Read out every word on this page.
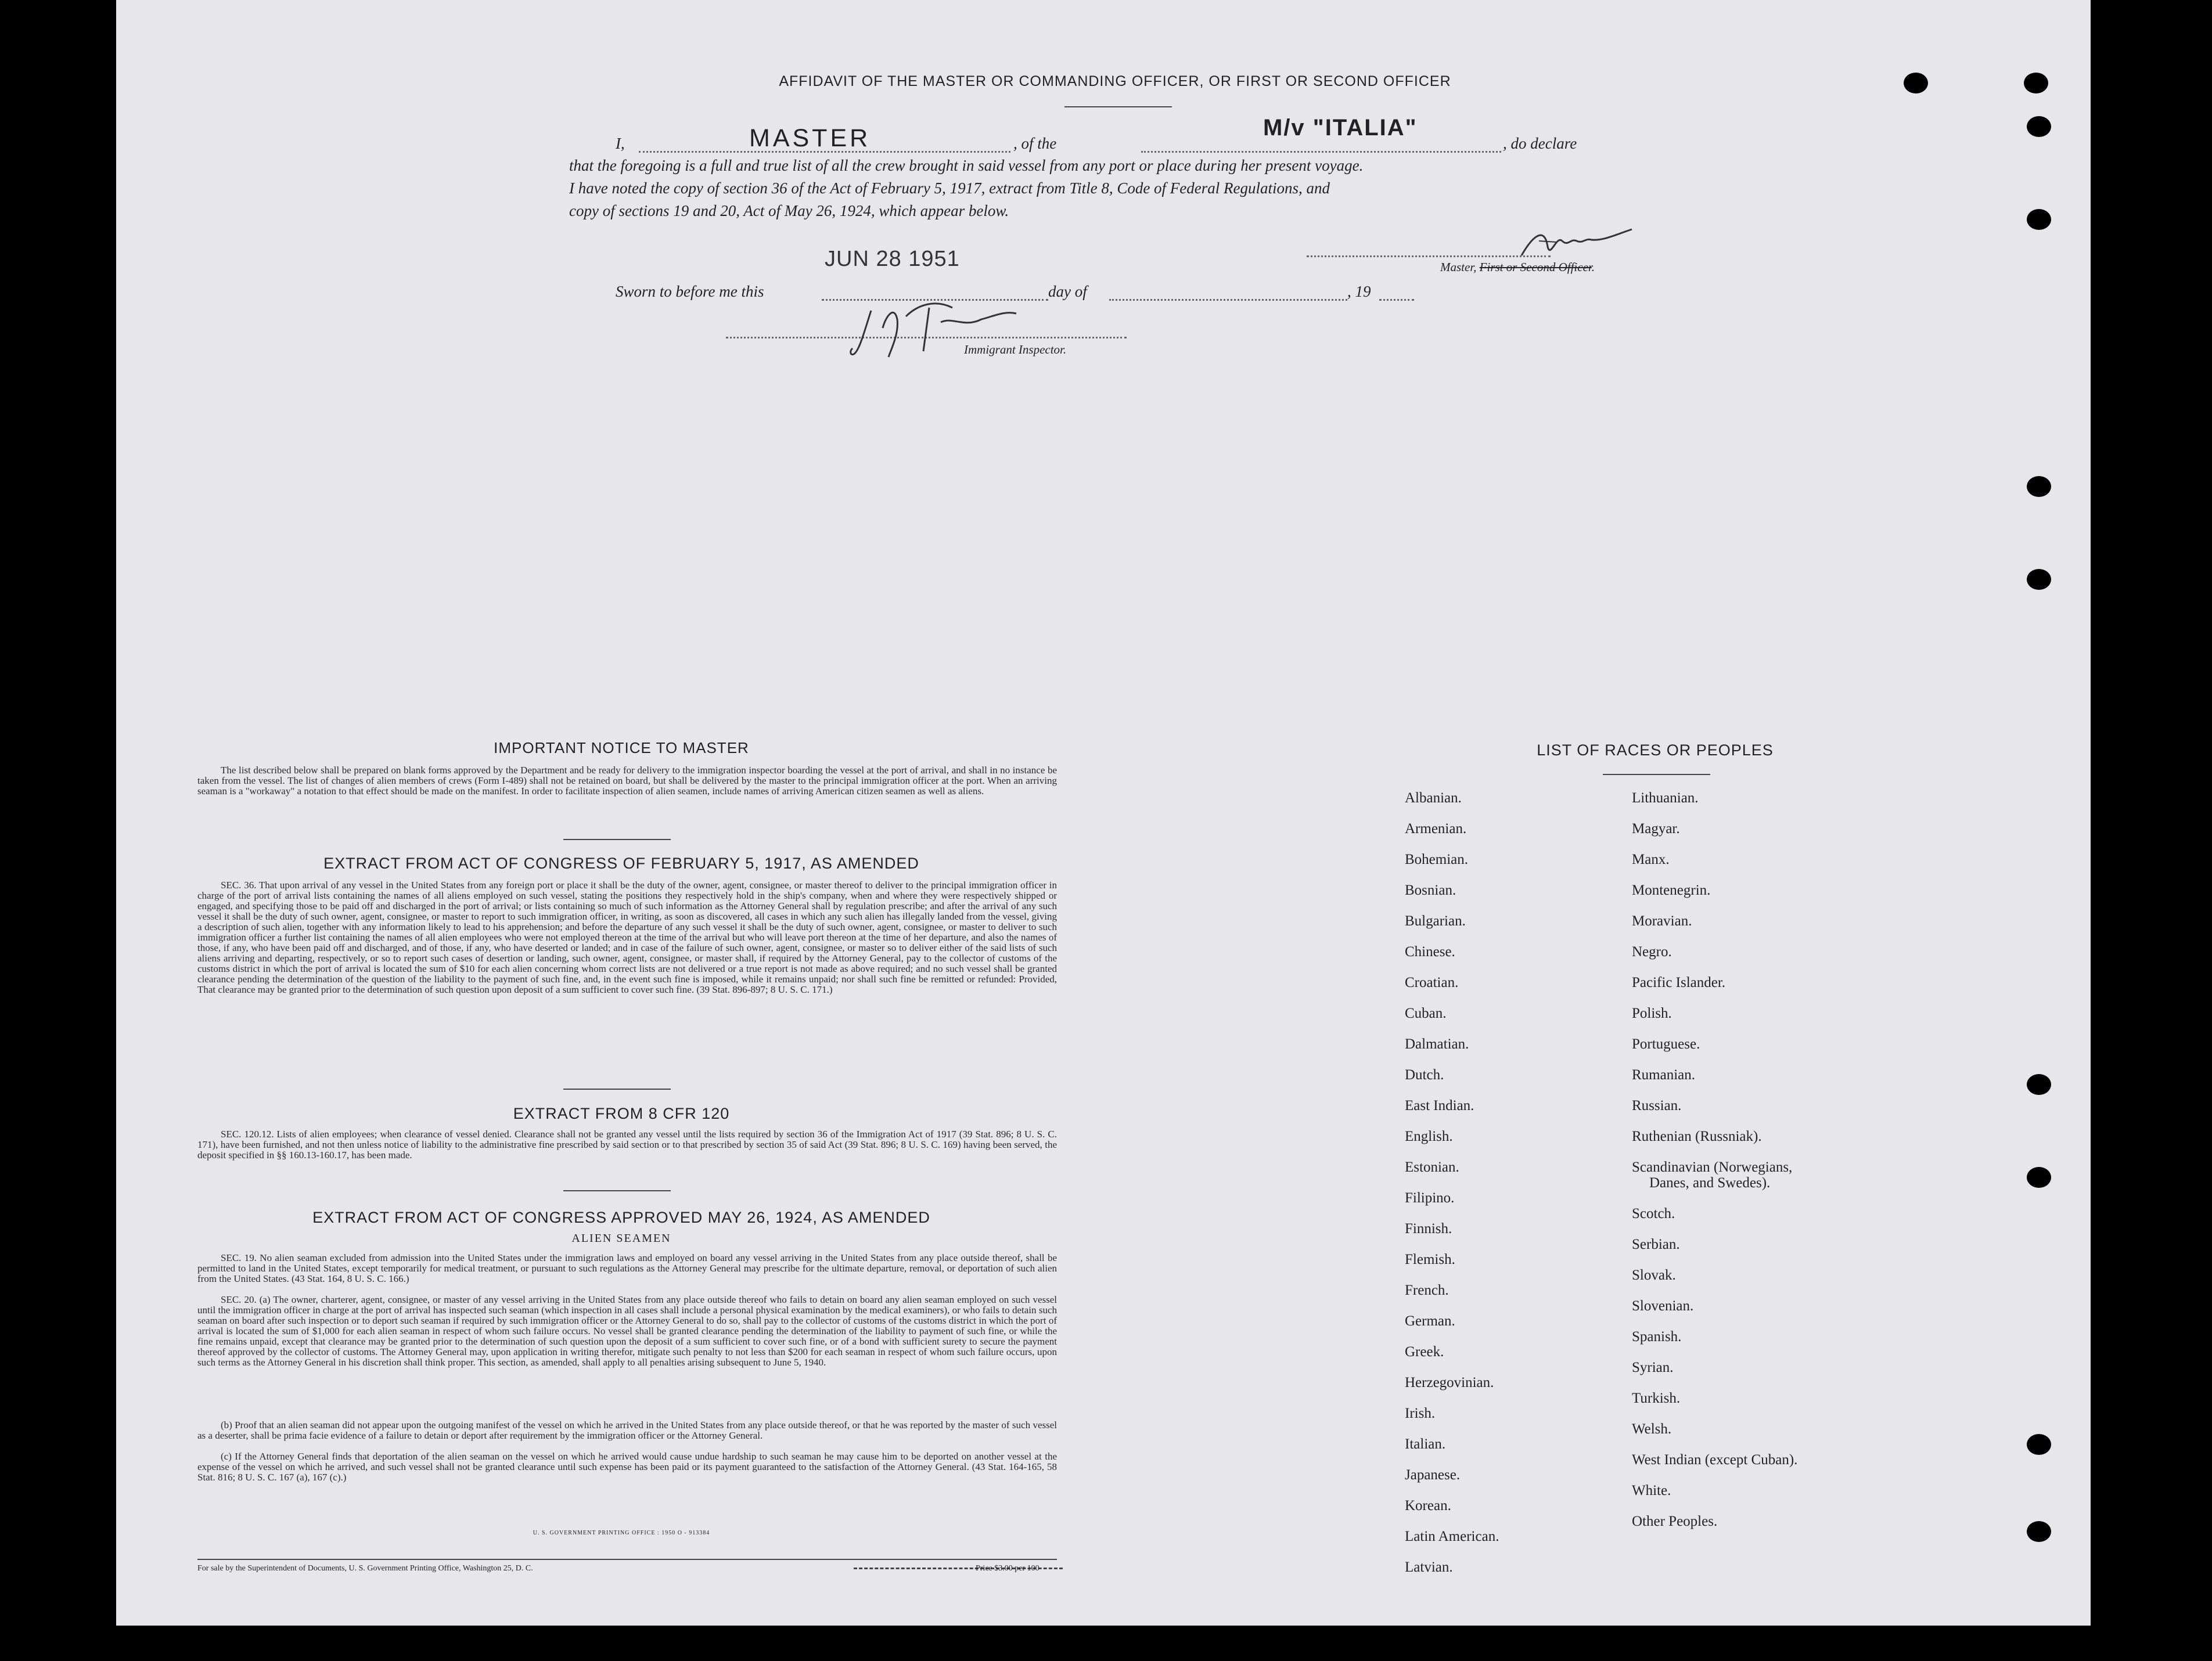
AFFIDAVIT OF THE MASTER OR COMMANDING OFFICER, OR FIRST OR SECOND OFFICER
I,	MASTER	, of the
M/v "ITALIA"
, do declare
that the foregoing is a full and true list of all the crew brought in said vessel from any port or place during her present voyage.
I have noted the copy of section 36 of the Act of February 5, 1917, extract from Title 8, Code of Federal Regulations, and
copy of sections 19 and 20, Act of May 26, 1924, which appear below.
Master, First or Second Officer.
JUN 28 1951
Sworn to before me this	day of	, 19
Immigrant Inspector.
IMPORTANT NOTICE TO MASTER
The list described below shall be prepared on blank forms approved by the Department and be ready for delivery to the immigration inspector boarding the vessel at the port of arrival, and shall in no instance be taken from the vessel. The list of changes of alien members of crews (Form I-489) shall not be retained on board, but shall be delivered by the master to the principal immigration officer at the port. When an arriving seaman is a "workaway" a notation to that effect should be made on the manifest. In order to facilitate inspection of alien seamen, include names of arriving American citizen seamen as well as aliens.
EXTRACT FROM ACT OF CONGRESS OF FEBRUARY 5, 1917, AS AMENDED
SEC. 36. That upon arrival of any vessel in the United States from any foreign port or place it shall be the duty of the owner, agent, consignee, or master thereof to deliver to the principal immigration officer in charge of the port of arrival lists containing the names of all aliens employed on such vessel, stating the positions they respectively hold in the ship's company, when and where they were respectively shipped or engaged, and specifying those to be paid off and discharged in the port of arrival; or lists containing so much of such information as the Attorney General shall by regulation prescribe; and after the arrival of any such vessel it shall be the duty of such owner, agent, consignee, or master to report to such immigration officer, in writing, as soon as discovered, all cases in which any such alien has illegally landed from the vessel, giving a description of such alien, together with any information likely to lead to his apprehension; and before the departure of any such vessel it shall be the duty of such owner, agent, consignee, or master to deliver to such immigration officer a further list containing the names of all alien employees who were not employed thereon at the time of the arrival but who will leave port thereon at the time of her departure, and also the names of those, if any, who have been paid off and discharged, and of those, if any, who have deserted or landed; and in case of the failure of such owner, agent, consignee, or master so to deliver either of the said lists of such aliens arriving and departing, respectively, or so to report such cases of desertion or landing, such owner, agent, consignee, or master shall, if required by the Attorney General, pay to the collector of customs of the customs district in which the port of arrival is located the sum of $10 for each alien concerning whom correct lists are not delivered or a true report is not made as above required; and no such vessel shall be granted clearance pending the determination of the question of the liability to the payment of such fine, and, in the event such fine is imposed, while it remains unpaid; nor shall such fine be remitted or refunded: Provided, That clearance may be granted prior to the determination of such question upon deposit of a sum sufficient to cover such fine. (39 Stat. 896-897; 8 U. S. C. 171.)
EXTRACT FROM 8 CFR 120
SEC. 120.12. Lists of alien employees; when clearance of vessel denied. Clearance shall not be granted any vessel until the lists required by section 36 of the Immigration Act of 1917 (39 Stat. 896; 8 U. S. C. 171), have been furnished, and not then unless notice of liability to the administrative fine prescribed by said section or to that prescribed by section 35 of said Act (39 Stat. 896; 8 U. S. C. 169) having been served, the deposit specified in §§ 160.13-160.17, has been made.
EXTRACT FROM ACT OF CONGRESS APPROVED MAY 26, 1924, AS AMENDED
ALIEN SEAMEN
SEC. 19. No alien seaman excluded from admission into the United States under the immigration laws and employed on board any vessel arriving in the United States from any place outside thereof, shall be permitted to land in the United States, except temporarily for medical treatment, or pursuant to such regulations as the Attorney General may prescribe for the ultimate departure, removal, or deportation of such alien from the United States. (43 Stat. 164, 8 U. S. C. 166.)
SEC. 20. (a) The owner, charterer, agent, consignee, or master of any vessel arriving in the United States from any place outside thereof who fails to detain on board any alien seaman employed on such vessel until the immigration officer in charge at the port of arrival has inspected such seaman (which inspection in all cases shall include a personal physical examination by the medical examiners), or who fails to detain such seaman on board after such inspection or to deport such seaman if required by such immigration officer or the Attorney General to do so, shall pay to the collector of customs of the customs district in which the port of arrival is located the sum of $1,000 for each alien seaman in respect of whom such failure occurs. No vessel shall be granted clearance pending the determination of the liability to payment of such fine, or while the fine remains unpaid, except that clearance may be granted prior to the determination of such question upon the deposit of a sum sufficient to cover such fine, or of a bond with sufficient surety to secure the payment thereof approved by the collector of customs. The Attorney General may, upon application in writing therefor, mitigate such penalty to not less than $200 for each seaman in respect of whom such failure occurs, upon such terms as the Attorney General in his discretion shall think proper. This section, as amended, shall apply to all penalties arising subsequent to June 5, 1940.
(b) Proof that an alien seaman did not appear upon the outgoing manifest of the vessel on which he arrived in the United States from any place outside thereof, or that he was reported by the master of such vessel as a deserter, shall be prima facie evidence of a failure to detain or deport after requirement by the immigration officer or the Attorney General.
(c) If the Attorney General finds that deportation of the alien seaman on the vessel on which he arrived would cause undue hardship to such seaman he may cause him to be deported on another vessel at the expense of the vessel on which he arrived, and such vessel shall not be granted clearance until such expense has been paid or its payment guaranteed to the satisfaction of the Attorney General. (43 Stat. 164-165, 58 Stat. 816; 8 U. S. C. 167 (a), 167 (c).)
U. S. GOVERNMENT PRINTING OFFICE : 1950 O - 913384
For sale by the Superintendent of Documents, U. S. Government Printing Office, Washington 25, D. C.	Price $3.00 per 100
LIST OF RACES OR PEOPLES
Albanian.
Armenian.
Bohemian.
Bosnian.
Bulgarian.
Chinese.
Croatian.
Cuban.
Dalmatian.
Dutch.
East Indian.
English.
Estonian.
Filipino.
Finnish.
Flemish.
French.
German.
Greek.
Herzegovinian.
Irish.
Italian.
Japanese.
Korean.
Latin American.
Latvian.
Lithuanian.
Magyar.
Manx.
Montenegrin.
Moravian.
Negro.
Pacific Islander.
Polish.
Portuguese.
Rumanian.
Russian.
Ruthenian (Russniak).
Scandinavian (Norwegians,
Danes, and Swedes).
Scotch.
Serbian.
Slovak.
Slovenian.
Spanish.
Syrian.
Turkish.
Welsh.
West Indian (except Cuban).
White.
Other Peoples.
